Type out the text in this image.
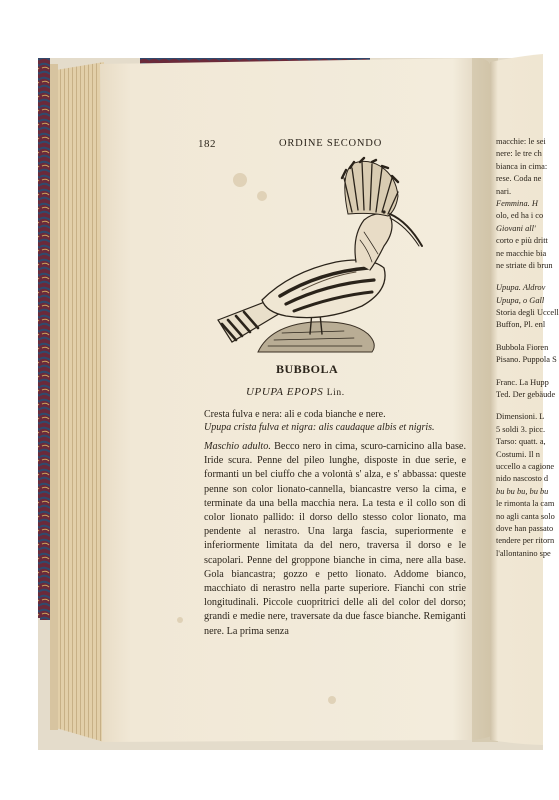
182	ORDINE SECONDO
BUBBOLA
UPUPA EPOPS Lin.
Cresta fulva e nera: ali e coda bianche e nere.
Upupa crista fulva et nigra: alis caudaque albis et nigris.
Maschio adulto. Becco nero in cima, scuro-carnicino alla base. Iride scura. Penne del pileo lunghe, disposte in due serie, e formanti un bel ciuffo che a volontà s' alza, e s' abbassa: queste penne son color lionato-cannella, biancastre verso la cima, e terminate da una bella macchia nera. La testa e il collo son di color lionato pallido: il dorso dello stesso color lionato, ma pendente al nerastro. Una larga fascia, superiormente e inferiormente limitata da del nero, traversa il dorso e le scapolari. Penne del groppone bianche in cima, nere alla base. Gola biancastra; gozzo e petto lionato. Addome bianco, macchiato di nerastro nella parte superiore. Fianchi con strie longitudinali. Piccole cuopritrici delle ali del color del dorso; grandi e medie nere, traversate da due fasce bianche. Remiganti nere. La prima senza
macchie: le sei
nere: le tre ch
bianca in cima:
rese. Coda ne
nari.
Femmina. H
olo, ed ha i co
Giovani all'
corto e più dritt
ne macchie bia
ne striate di brun
Upupa. Aldrov
Upupa, o Gall
Storia degli Uccell
Buffon, Pl. enl
Bubbola Fioren
Pisano. Puppola S
Franc. La Hupp
Ted. Der gebäude
Dimensioni. L
5 soldi 3. picc.
Tarso: quatt. a,
Costumi. Il n
uccello a cagione
nido nascosto d
bu bu bu, bu bu
le rimonta la cam
no agli canta solo
dove han passato
tendere per ritorn
l'allontanino spe
